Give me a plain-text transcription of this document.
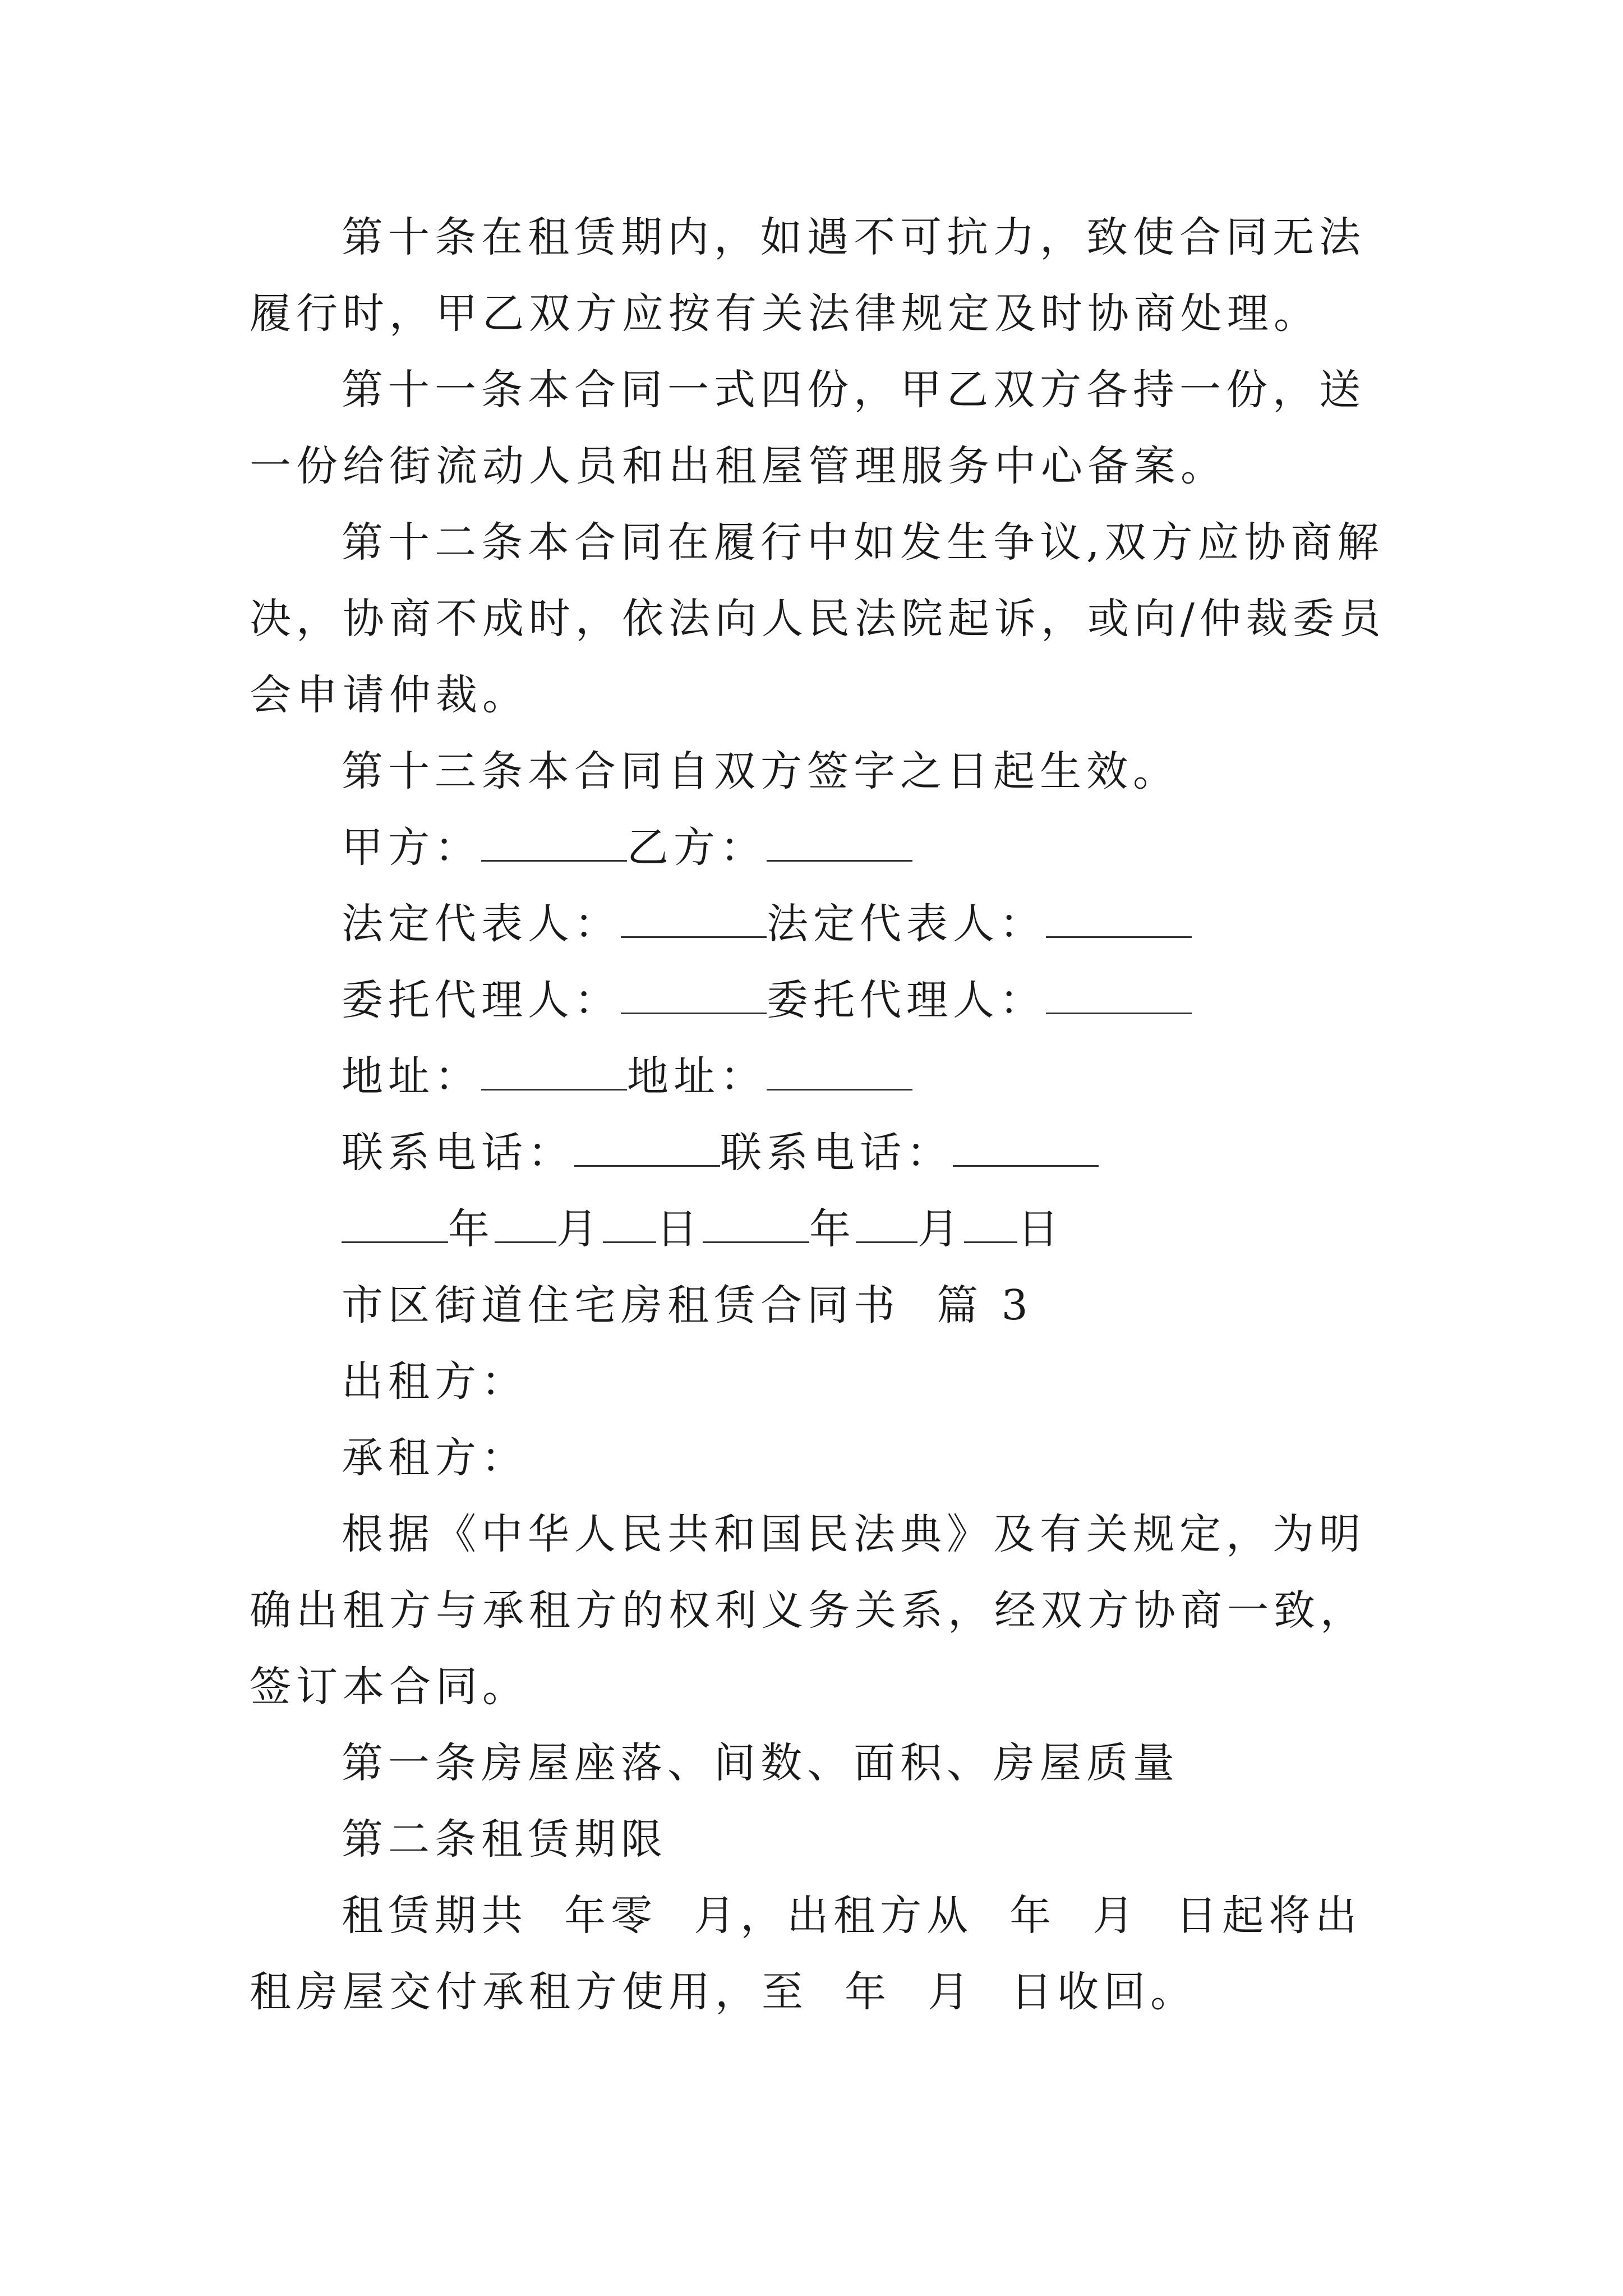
第十条在租赁期内，如遇不可抗力，致使合同无法履行时，甲乙双方应按有关法律规定及时协商处理。

第十一条本合同一式四份，甲乙双方各持一份，送一份给街流动人员和出租屋管理服务中心备案。

第十二条本合同在履行中如发生争议,双方应协商解决，协商不成时，依法向人民法院起诉，或向/仲裁委员会申请仲裁。

第十三条本合同自双方签字之日起生效。

甲方：	乙方：

法定代表人：	法定代表人：

委托代理人：	委托代理人：

地址：	地址：

联系电话：	联系电话：

年 月 日	年 月 日

市区街道住宅房租赁合同书  篇 3

出租方：

承租方：

根据《中华人民共和国民法典》及有关规定，为明确出租方与承租方的权利义务关系，经双方协商一致，签订本合同。

第一条房屋座落、间数、面积、房屋质量

第二条租赁期限

租赁期共  年零  月，出租方从  年  月  日起将出租房屋交付承租方使用，至  年  月  日收回。
